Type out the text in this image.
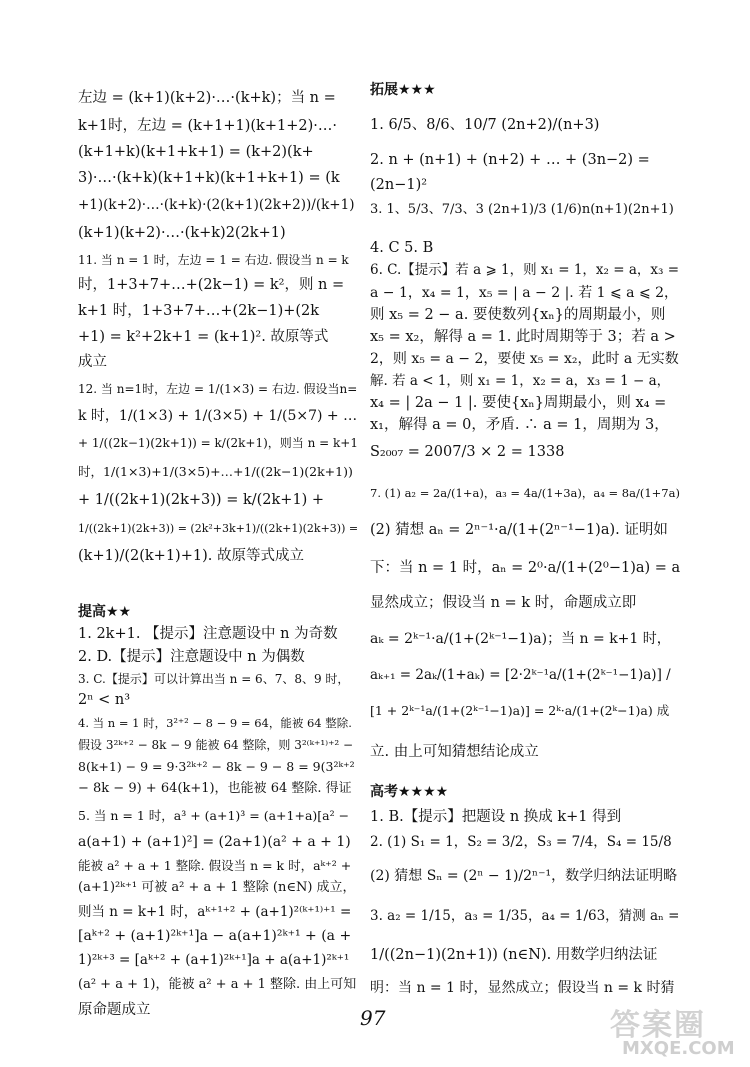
左边 = (k+1)(k+2)·…·(k+k)；当 n =
k+1时，左边 = (k+1+1)(k+1+2)·…·
(k+1+k)(k+1+k+1) = (k+2)(k+
3)·…·(k+k)(k+1+k)(k+1+k+1) = (k
+1)(k+2)·…·(k+k)·(2(k+1)(2k+2))/(k+1)
(k+1)(k+2)·…·(k+k)2(2k+1)
11. 当 n = 1 时，左边 = 1 = 右边. 假设当 n = k
时，1+3+7+…+(2k−1) = k²，则 n =
k+1 时，1+3+7+…+(2k−1)+(2k
+1) = k²+2k+1 = (k+1)². 故原等式
成立
12. 当 n=1时，左边 = 1/(1×3) = 右边. 假设当n=
k 时，1/(1×3) + 1/(3×5) + 1/(5×7) + …
+ 1/((2k−1)(2k+1)) = k/(2k+1)，则当 n = k+1
时，1/(1×3)+1/(3×5)+…+1/((2k−1)(2k+1))
+ 1/((2k+1)(2k+3)) = k/(2k+1) +
1/((2k+1)(2k+3)) = (2k²+3k+1)/((2k+1)(2k+3)) =
(k+1)/(2(k+1)+1). 故原等式成立
提高★★
1. 2k+1. 【提示】注意题设中 n 为奇数
2. D.【提示】注意题设中 n 为偶数
3. C.【提示】可以计算出当 n = 6、7、8、9 时，
2ⁿ < n³
4. 当 n = 1 时，3²⁺² − 8 − 9 = 64，能被 64 整除.
假设 3²ᵏ⁺² − 8k − 9 能被 64 整除，则 3²⁽ᵏ⁺¹⁾⁺² −
8(k+1) − 9 = 9·3²ᵏ⁺² − 8k − 9 − 8 = 9(3²ᵏ⁺²
− 8k − 9) + 64(k+1)，也能被 64 整除. 得证
5. 当 n = 1 时，a³ + (a+1)³ = (a+1+a)[a² −
a(a+1) + (a+1)²] = (2a+1)(a² + a + 1)
能被 a² + a + 1 整除. 假设当 n = k 时，aᵏ⁺² +
(a+1)²ᵏ⁺¹ 可被 a² + a + 1 整除 (n∈N) 成立，
则当 n = k+1 时，aᵏ⁺¹⁺² + (a+1)²⁽ᵏ⁺¹⁾⁺¹ =
[aᵏ⁺² + (a+1)²ᵏ⁺¹]a − a(a+1)²ᵏ⁺¹ + (a +
1)²ᵏ⁺³ = [aᵏ⁺² + (a+1)²ᵏ⁺¹]a + a(a+1)²ᵏ⁺¹
(a² + a + 1)，能被 a² + a + 1 整除. 由上可知
原命题成立
拓展★★★
1. 6/5、8/6、10/7 (2n+2)/(n+3)
2. n + (n+1) + (n+2) + … + (3n−2) =
(2n−1)²
3. 1、5/3、7/3、3 (2n+1)/3 (1/6)n(n+1)(2n+1)
4. C 5. B
6. C.【提示】若 a ⩾ 1，则 x₁ = 1，x₂ = a，x₃ =
a − 1，x₄ = 1，x₅ = | a − 2 |. 若 1 ⩽ a ⩽ 2，
则 x₅ = 2 − a. 要使数列{xₙ}的周期最小，则
x₅ = x₂，解得 a = 1. 此时周期等于 3；若 a >
2，则 x₅ = a − 2，要使 x₅ = x₂，此时 a 无实数
解. 若 a < 1，则 x₁ = 1，x₂ = a，x₃ = 1 − a，
x₄ = | 2a − 1 |. 要使{xₙ}周期最小，则 x₄ =
x₁，解得 a = 0，矛盾. ∴ a = 1，周期为 3，
S₂₀₀₇ = 2007/3 × 2 = 1338
7. (1) a₂ = 2a/(1+a)，a₃ = 4a/(1+3a)，a₄ = 8a/(1+7a)
(2) 猜想 aₙ = 2ⁿ⁻¹·a/(1+(2ⁿ⁻¹−1)a). 证明如
下：当 n = 1 时，aₙ = 2⁰·a/(1+(2⁰−1)a) = a
显然成立；假设当 n = k 时，命题成立即
aₖ = 2ᵏ⁻¹·a/(1+(2ᵏ⁻¹−1)a)；当 n = k+1 时，
aₖ₊₁ = 2aₖ/(1+aₖ) = [2·2ᵏ⁻¹a/(1+(2ᵏ⁻¹−1)a)] /
[1 + 2ᵏ⁻¹a/(1+(2ᵏ⁻¹−1)a)] = 2ᵏ·a/(1+(2ᵏ−1)a) 成
立. 由上可知猜想结论成立
高考★★★★
1. B.【提示】把题设 n 换成 k+1 得到
2. (1) S₁ = 1，S₂ = 3/2，S₃ = 7/4，S₄ = 15/8
(2) 猜想 Sₙ = (2ⁿ − 1)/2ⁿ⁻¹，数学归纳法证明略
3. a₂ = 1/15，a₃ = 1/35，a₄ = 1/63，猜测 aₙ =
1/((2n−1)(2n+1)) (n∈N). 用数学归纳法证
明：当 n = 1 时，显然成立；假设当 n = k 时猜
97	答案圈
MXQE.COM
